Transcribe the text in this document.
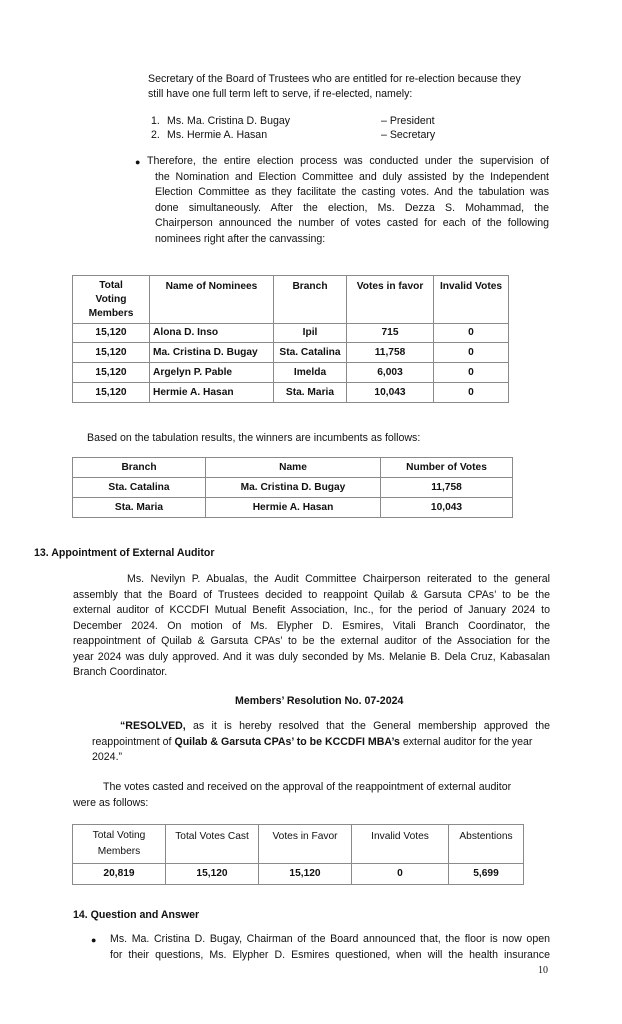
Secretary of the Board of Trustees who are entitled for re-election because they
still have one full term left to serve, if re-elected, namely:
1. Ms. Ma. Cristina D. Bugay	– President
2. Ms. Hermie A. Hasan	– Secretary
● Therefore, the entire election process was conducted under the supervision of
the Nomination and Election Committee and duly assisted by the Independent
Election Committee as they facilitate the casting votes. And the tabulation was
done simultaneously. After the election, Ms. Dezza S. Mohammad, the
Chairperson announced the number of votes casted for each of the following
nominees right after the canvassing:
Total
Voting
Members	Name of Nominees	Branch	Votes in favor	Invalid Votes
15,120	Alona D. Inso	Ipil	715	0
15,120	Ma. Cristina D. Bugay	Sta. Catalina	11,758	0
15,120	Argelyn P. Pable	Imelda	6,003	0
15,120	Hermie A. Hasan	Sta. Maria	10,043	0
Based on the tabulation results, the winners are incumbents as follows:
Branch	Name	Number of Votes
Sta. Catalina	Ma. Cristina D. Bugay	11,758
Sta. Maria	Hermie A. Hasan	10,043
13. Appointment of External Auditor
Ms. Nevilyn P. Abualas, the Audit Committee Chairperson reiterated to the general
assembly that the Board of Trustees decided to reappoint Quilab & Garsuta CPAs’ to be the
external auditor of KCCDFI Mutual Benefit Association, Inc., for the period of January 2024 to
December 2024. On motion of Ms. Elypher D. Esmires, Vitali Branch Coordinator, the
reappointment of Quilab & Garsuta CPAs’ to be the external auditor of the Association for the
year 2024 was duly approved. And it was duly seconded by Ms. Melanie B. Dela Cruz, Kabasalan
Branch Coordinator.
Members’ Resolution No. 07-2024
“RESOLVED, as it is hereby resolved that the General membership approved the
reappointment of Quilab & Garsuta CPAs’ to be KCCDFI MBA’s external auditor for the year
2024.”
The votes casted and received on the approval of the reappointment of external auditor
were as follows:
Total Voting
Members	Total Votes Cast	Votes in Favor	Invalid Votes	Abstentions
20,819	15,120	15,120	0	5,699
14. Question and Answer
● Ms. Ma. Cristina D. Bugay, Chairman of the Board announced that, the floor is now open
for their questions, Ms. Elypher D. Esmires questioned, when will the health insurance
10
